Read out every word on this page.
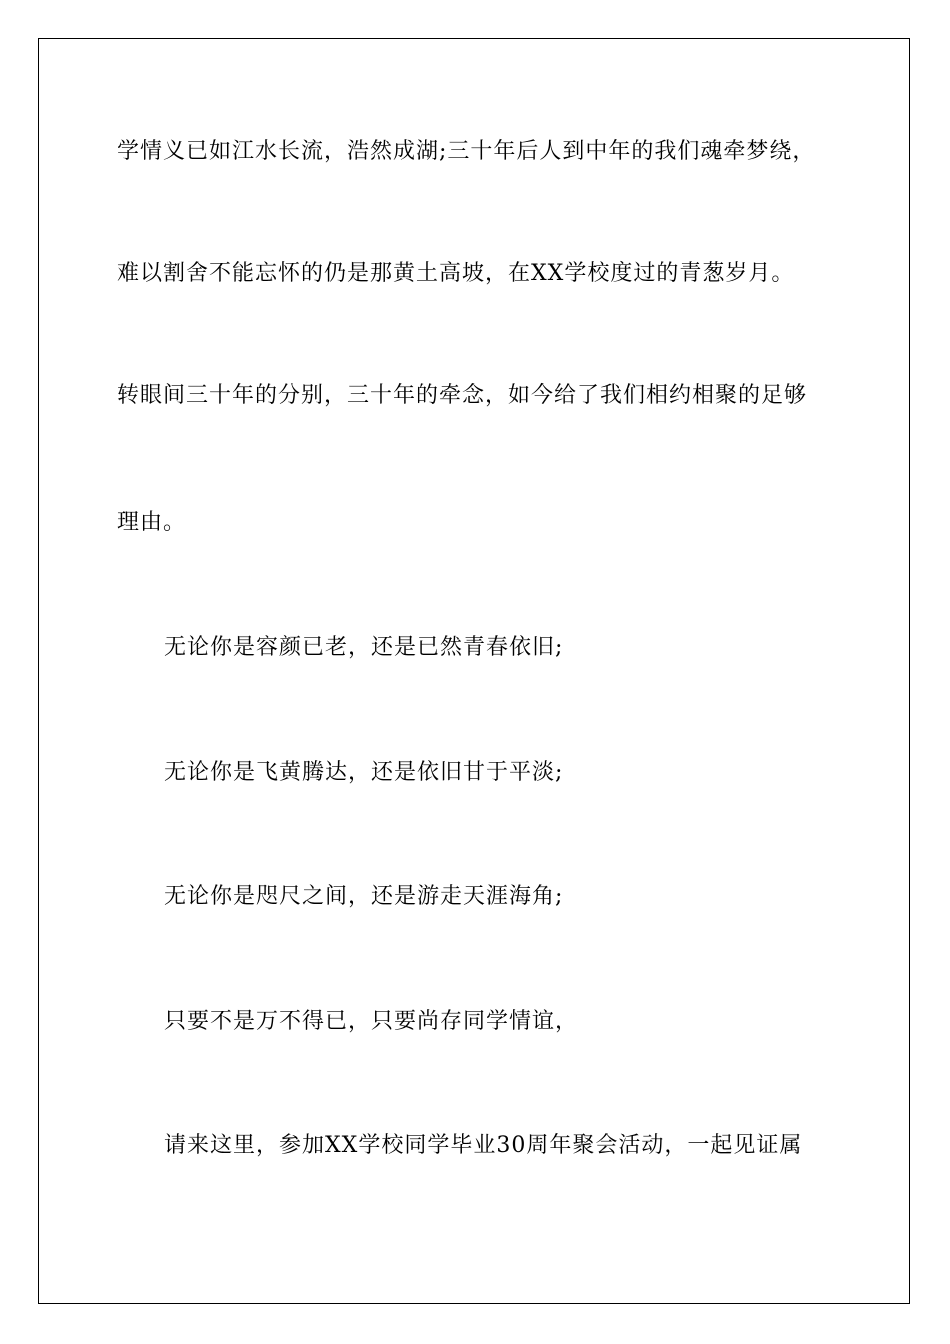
学情义已如江水长流，浩然成湖;三十年后人到中年的我们魂牵梦绕，
难以割舍不能忘怀的仍是那黄土高坡，在XX学校度过的青葱岁月。
转眼间三十年的分别，三十年的牵念，如今给了我们相约相聚的足够
理由。
无论你是容颜已老，还是已然青春依旧;
无论你是飞黄腾达，还是依旧甘于平淡;
无论你是咫尺之间，还是游走天涯海角;
只要不是万不得已，只要尚存同学情谊，
请来这里，参加XX学校同学毕业30周年聚会活动，一起见证属
